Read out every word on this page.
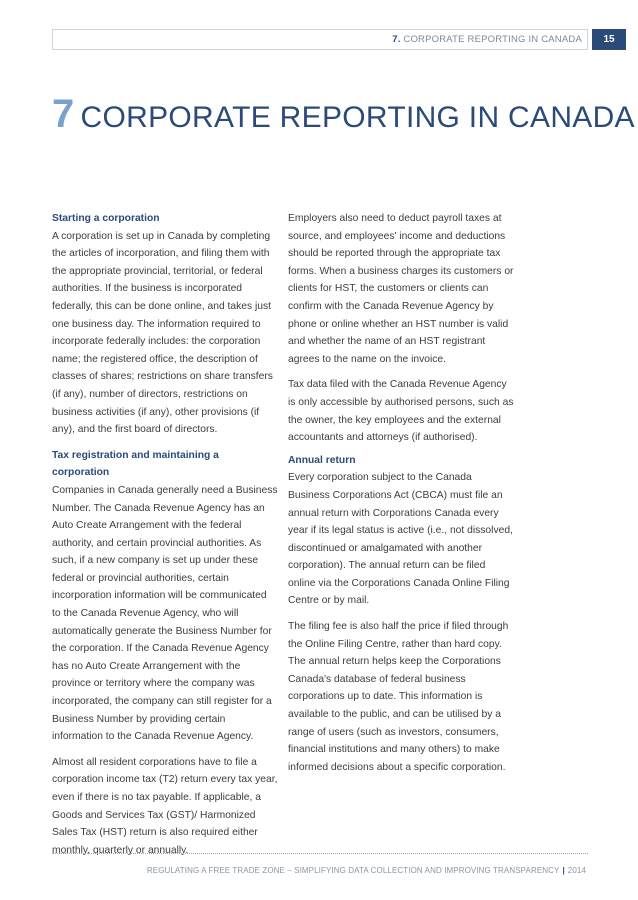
7. CORPORATE REPORTING IN CANADA	15
7 CORPORATE REPORTING IN CANADA
Starting a corporation

A corporation is set up in Canada by completing the articles of incorporation, and filing them with the appropriate provincial, territorial, or federal authorities. If the business is incorporated federally, this can be done online, and takes just one business day. The information required to incorporate federally includes: the corporation name; the registered office, the description of classes of shares; restrictions on share transfers (if any), number of directors, restrictions on business activities (if any), other provisions (if any), and the first board of directors.

Tax registration and maintaining a corporation

Companies in Canada generally need a Business Number. The Canada Revenue Agency has an Auto Create Arrangement with the federal authority, and certain provincial authorities. As such, if a new company is set up under these federal or provincial authorities, certain incorporation information will be communicated to the Canada Revenue Agency, who will automatically generate the Business Number for the corporation. If the Canada Revenue Agency has no Auto Create Arrangement with the province or territory where the company was incorporated, the company can still register for a Business Number by providing certain information to the Canada Revenue Agency.

Almost all resident corporations have to file a corporation income tax (T2) return every tax year, even if there is no tax payable. If applicable, a Goods and Services Tax (GST)/ Harmonized Sales Tax (HST) return is also required either monthly, quarterly or annually.

Employers also need to deduct payroll taxes at source, and employees' income and deductions should be reported through the appropriate tax forms. When a business charges its customers or clients for HST, the customers or clients can confirm with the Canada Revenue Agency by phone or online whether an HST number is valid and whether the name of an HST registrant agrees to the name on the invoice.

Tax data filed with the Canada Revenue Agency is only accessible by authorised persons, such as the owner, the key employees and the external accountants and attorneys (if authorised).

Annual return

Every corporation subject to the Canada Business Corporations Act (CBCA) must file an annual return with Corporations Canada every year if its legal status is active (i.e., not dissolved, discontinued or amalgamated with another corporation). The annual return can be filed online via the Corporations Canada Online Filing Centre or by mail.

The filing fee is also half the price if filed through the Online Filing Centre, rather than hard copy. The annual return helps keep the Corporations Canada's database of federal business corporations up to date. This information is available to the public, and can be utilised by a range of users (such as investors, consumers, financial institutions and many others) to make informed decisions about a specific corporation.

REGULATING A FREE TRADE ZONE – SIMPLIFYING DATA COLLECTION AND IMPROVING TRANSPARENCY | 2014
